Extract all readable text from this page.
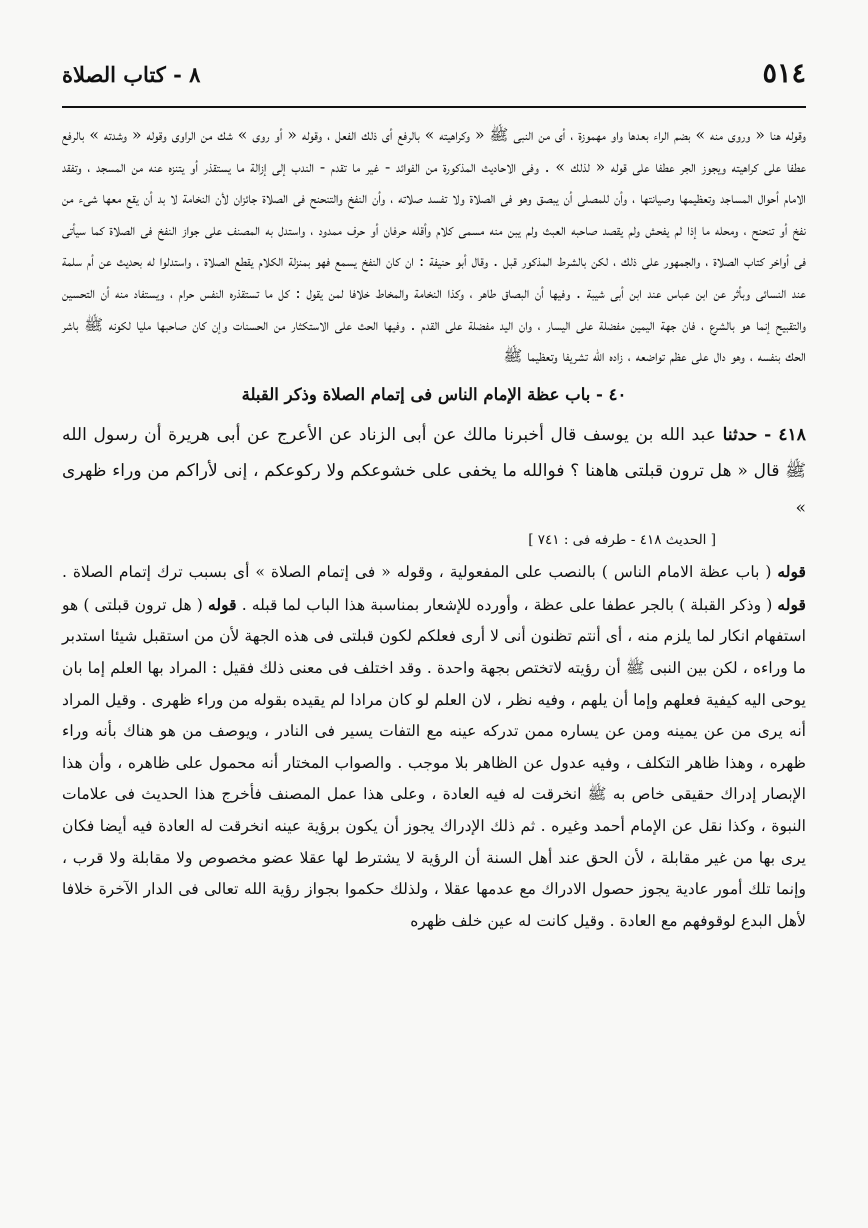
٥١٤
٨ - كتاب الصلاة

وقوله هنا « وروى منه » بضم الراء بعدها واو مهموزة ، أى من النبى ﷺ « وكراهيته » بالرفع أى ذلك الفعل ، وقوله « أو روى » شك من الراوى وقوله « وشدته » بالرفع عطفا على كراهيته ويجوز الجر عطفا على قوله « لذلك » . وفى الاحاديث المذكورة من الفوائد - غير ما تقدم - الندب إلى إزالة ما يستقذر أو يتنزه عنه من المسجد ، وتفقد الامام أحوال المساجد وتعظيمها وصيانتها ، وأن للمصلى أن يبصق وهو فى الصلاة ولا تفسد صلاته ، وأن النفخ والتنحنح فى الصلاة جائزان لأن النخامة لا بد أن يقع معها شىء من نفخ أو تنحنح ، ومحله ما إذا لم يفحش ولم يقصد صاحبه العبث ولم يبن منه مسمى كلام وأقله حرفان أو حرف ممدود ، واستدل به المصنف على جواز النفخ فى الصلاة كما سيأتى فى أواخر كتاب الصلاة ، والجمهور على ذلك ، لكن بالشرط المذكور قبل . وقال أبو حنيفة : ان كان النفخ يسمع فهو بمنزلة الكلام يقطع الصلاة ، واستدلوا له بحديث عن أم سلمة عند النسائى وبأثر عن ابن عباس عند ابن أبى شيبة . وفيها أن البصاق طاهر ، وكذا النخامة والمخاط خلافا لمن يقول : كل ما تستقذره النفس حرام ، ويستفاد منه أن التحسين والتقبيح إنما هو بالشرع ، فان جهة اليمين مفضلة على اليسار ، وان اليد مفضلة على القدم . وفيها الحث على الاستكثار من الحسنات وإن كان صاحبها مليا لكونه ﷺ باشر الحك بنفسه ، وهو دال على عظم تواضعه ، زاده الله تشريفا وتعظيما ﷺ

٤٠ - باب عظة الإمام الناس فى إتمام الصلاة وذكر القبلة

٤١٨ - حدثنا عبد الله بن يوسف قال أخبرنا مالك عن أبى الزناد عن الأعرج عن أبى هريرة أن رسول الله ﷺ قال « هل ترون قبلتى هاهنا ؟ فوالله ما يخفى على خشوعكم ولا ركوعكم ، إنى لأراكم من وراء ظهرى »

[ الحديث ٤١٨ - طرفه فى : ٧٤١ ]

قوله ( باب عظة الامام الناس ) بالنصب على المفعولية ، وقوله « فى إتمام الصلاة » أى بسبب ترك إتمام الصلاة . قوله ( وذكر القبلة ) بالجر عطفا على عظة ، وأورده للإشعار بمناسبة هذا الباب لما قبله . قوله ( هل ترون قبلتى ) هو استفهام انكار لما يلزم منه ، أى أنتم تظنون أنى لا أرى فعلكم لكون قبلتى فى هذه الجهة لأن من استقبل شيئا استدبر ما وراءه ، لكن بين النبى ﷺ أن رؤيته لاتختص بجهة واحدة . وقد اختلف فى معنى ذلك فقيل : المراد بها العلم إما بان يوحى اليه كيفية فعلهم وإما أن يلهم ، وفيه نظر ، لان العلم لو كان مرادا لم يقيده بقوله من وراء ظهرى . وقيل المراد أنه يرى من عن يمينه ومن عن يساره ممن تدركه عينه مع التفات يسير فى النادر ، ويوصف من هو هناك بأنه وراء ظهره ، وهذا ظاهر التكلف ، وفيه عدول عن الظاهر بلا موجب . والصواب المختار أنه محمول على ظاهره ، وأن هذا الإبصار إدراك حقيقى خاص به ﷺ انخرقت له فيه العادة ، وعلى هذا عمل المصنف فأخرج هذا الحديث فى علامات النبوة ، وكذا نقل عن الإمام أحمد وغيره . ثم ذلك الإدراك يجوز أن يكون برؤية عينه انخرقت له العادة فيه أيضا فكان يرى بها من غير مقابلة ، لأن الحق عند أهل السنة أن الرؤية لا يشترط لها عقلا عضو مخصوص ولا مقابلة ولا قرب ، وإنما تلك أمور عادية يجوز حصول الادراك مع عدمها عقلا ، ولذلك حكموا بجواز رؤية الله تعالى فى الدار الآخرة خلافا لأهل البدع لوقوفهم مع العادة . وقيل كانت له عين خلف ظهره
